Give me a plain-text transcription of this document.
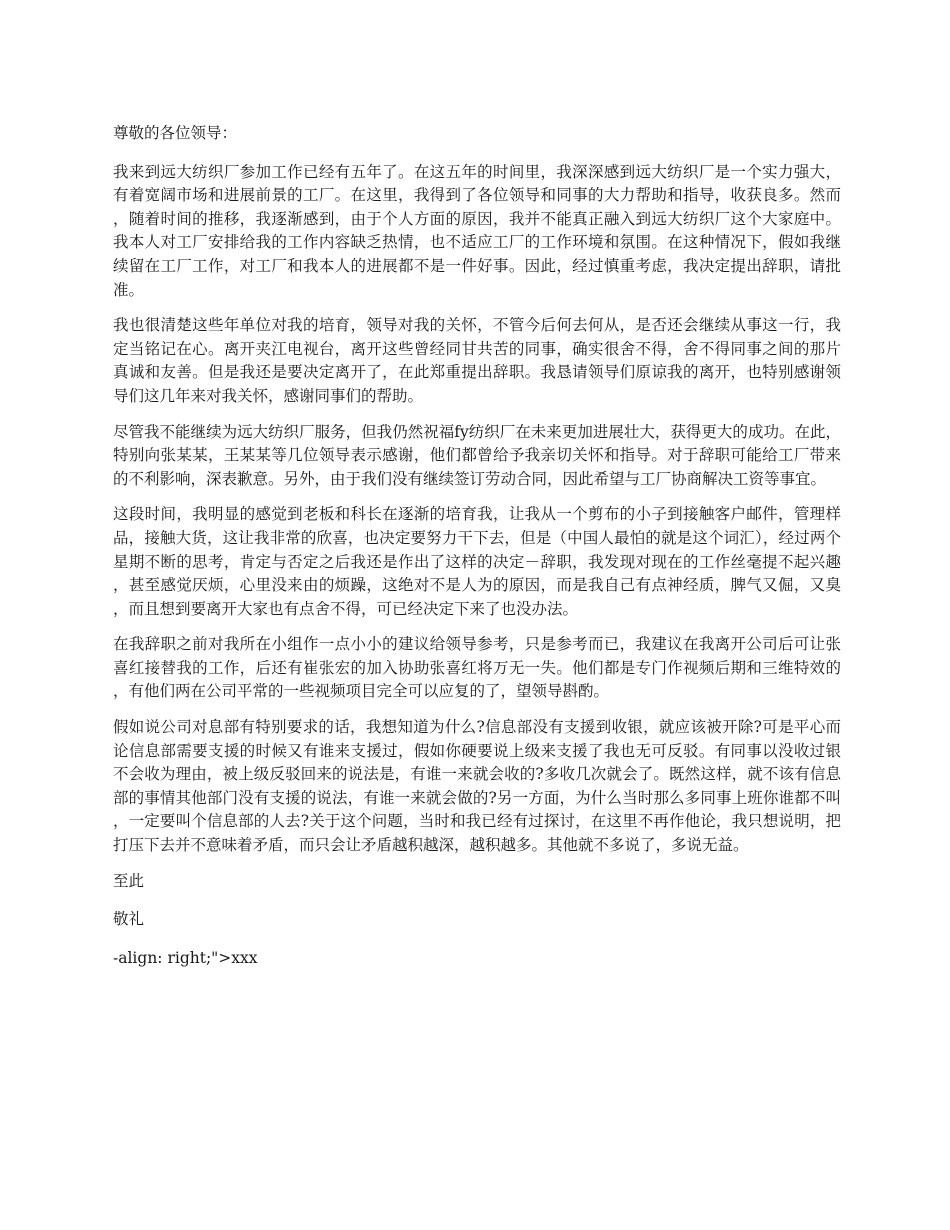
尊敬的各位领导：

我来到远大纺织厂参加工作已经有五年了。在这五年的时间里，我深深感到远大纺织厂是一个实力强大，有着宽阔市场和进展前景的工厂。在这里，我得到了各位领导和同事的大力帮助和指导，收获良多。然而，随着时间的推移，我逐渐感到，由于个人方面的原因，我并不能真正融入到远大纺织厂这个大家庭中。我本人对工厂安排给我的工作内容缺乏热情，也不适应工厂的工作环境和氛围。在这种情况下，假如我继续留在工厂工作，对工厂和我本人的进展都不是一件好事。因此，经过慎重考虑，我决定提出辞职，请批准。

我也很清楚这些年单位对我的培育，领导对我的关怀，不管今后何去何从，是否还会继续从事这一行，我定当铭记在心。离开夹江电视台，离开这些曾经同甘共苦的同事，确实很舍不得，舍不得同事之间的那片真诚和友善。但是我还是要决定离开了，在此郑重提出辞职。我恳请领导们原谅我的离开，也特别感谢领导们这几年来对我关怀，感谢同事们的帮助。

尽管我不能继续为远大纺织厂服务，但我仍然祝福fy纺织厂在未来更加进展壮大，获得更大的成功。在此，特别向张某某，王某某等几位领导表示感谢，他们都曾给予我亲切关怀和指导。对于辞职可能给工厂带来的不利影响，深表歉意。另外，由于我们没有继续签订劳动合同，因此希望与工厂协商解决工资等事宜。

这段时间，我明显的感觉到老板和科长在逐渐的培育我，让我从一个剪布的小子到接触客户邮件，管理样品，接触大货，这让我非常的欣喜，也决定要努力干下去，但是（中国人最怕的就是这个词汇），经过两个星期不断的思考，肯定与否定之后我还是作出了这样的决定－辞职，我发现对现在的工作丝毫提不起兴趣，甚至感觉厌烦，心里没来由的烦躁，这绝对不是人为的原因，而是我自己有点神经质，脾气又倔，又臭，而且想到要离开大家也有点舍不得，可已经决定下来了也没办法。

在我辞职之前对我所在小组作一点小小的建议给领导参考，只是参考而已，我建议在我离开公司后可让张喜红接替我的工作，后还有崔张宏的加入协助张喜红将万无一失。他们都是专门作视频后期和三维特效的，有他们两在公司平常的一些视频项目完全可以应复的了，望领导斟酌。

假如说公司对息部有特别要求的话，我想知道为什么?信息部没有支援到收银，就应该被开除?可是平心而论信息部需要支援的时候又有谁来支援过，假如你硬要说上级来支援了我也无可反驳。有同事以没收过银不会收为理由，被上级反驳回来的说法是，有谁一来就会收的?多收几次就会了。既然这样，就不该有信息部的事情其他部门没有支援的说法，有谁一来就会做的?另一方面，为什么当时那么多同事上班你谁都不叫，一定要叫个信息部的人去?关于这个问题，当时和我已经有过探讨，在这里不再作他论，我只想说明，把打压下去并不意味着矛盾，而只会让矛盾越积越深，越积越多。其他就不多说了，多说无益。

至此

敬礼

-align: right;">xxx
